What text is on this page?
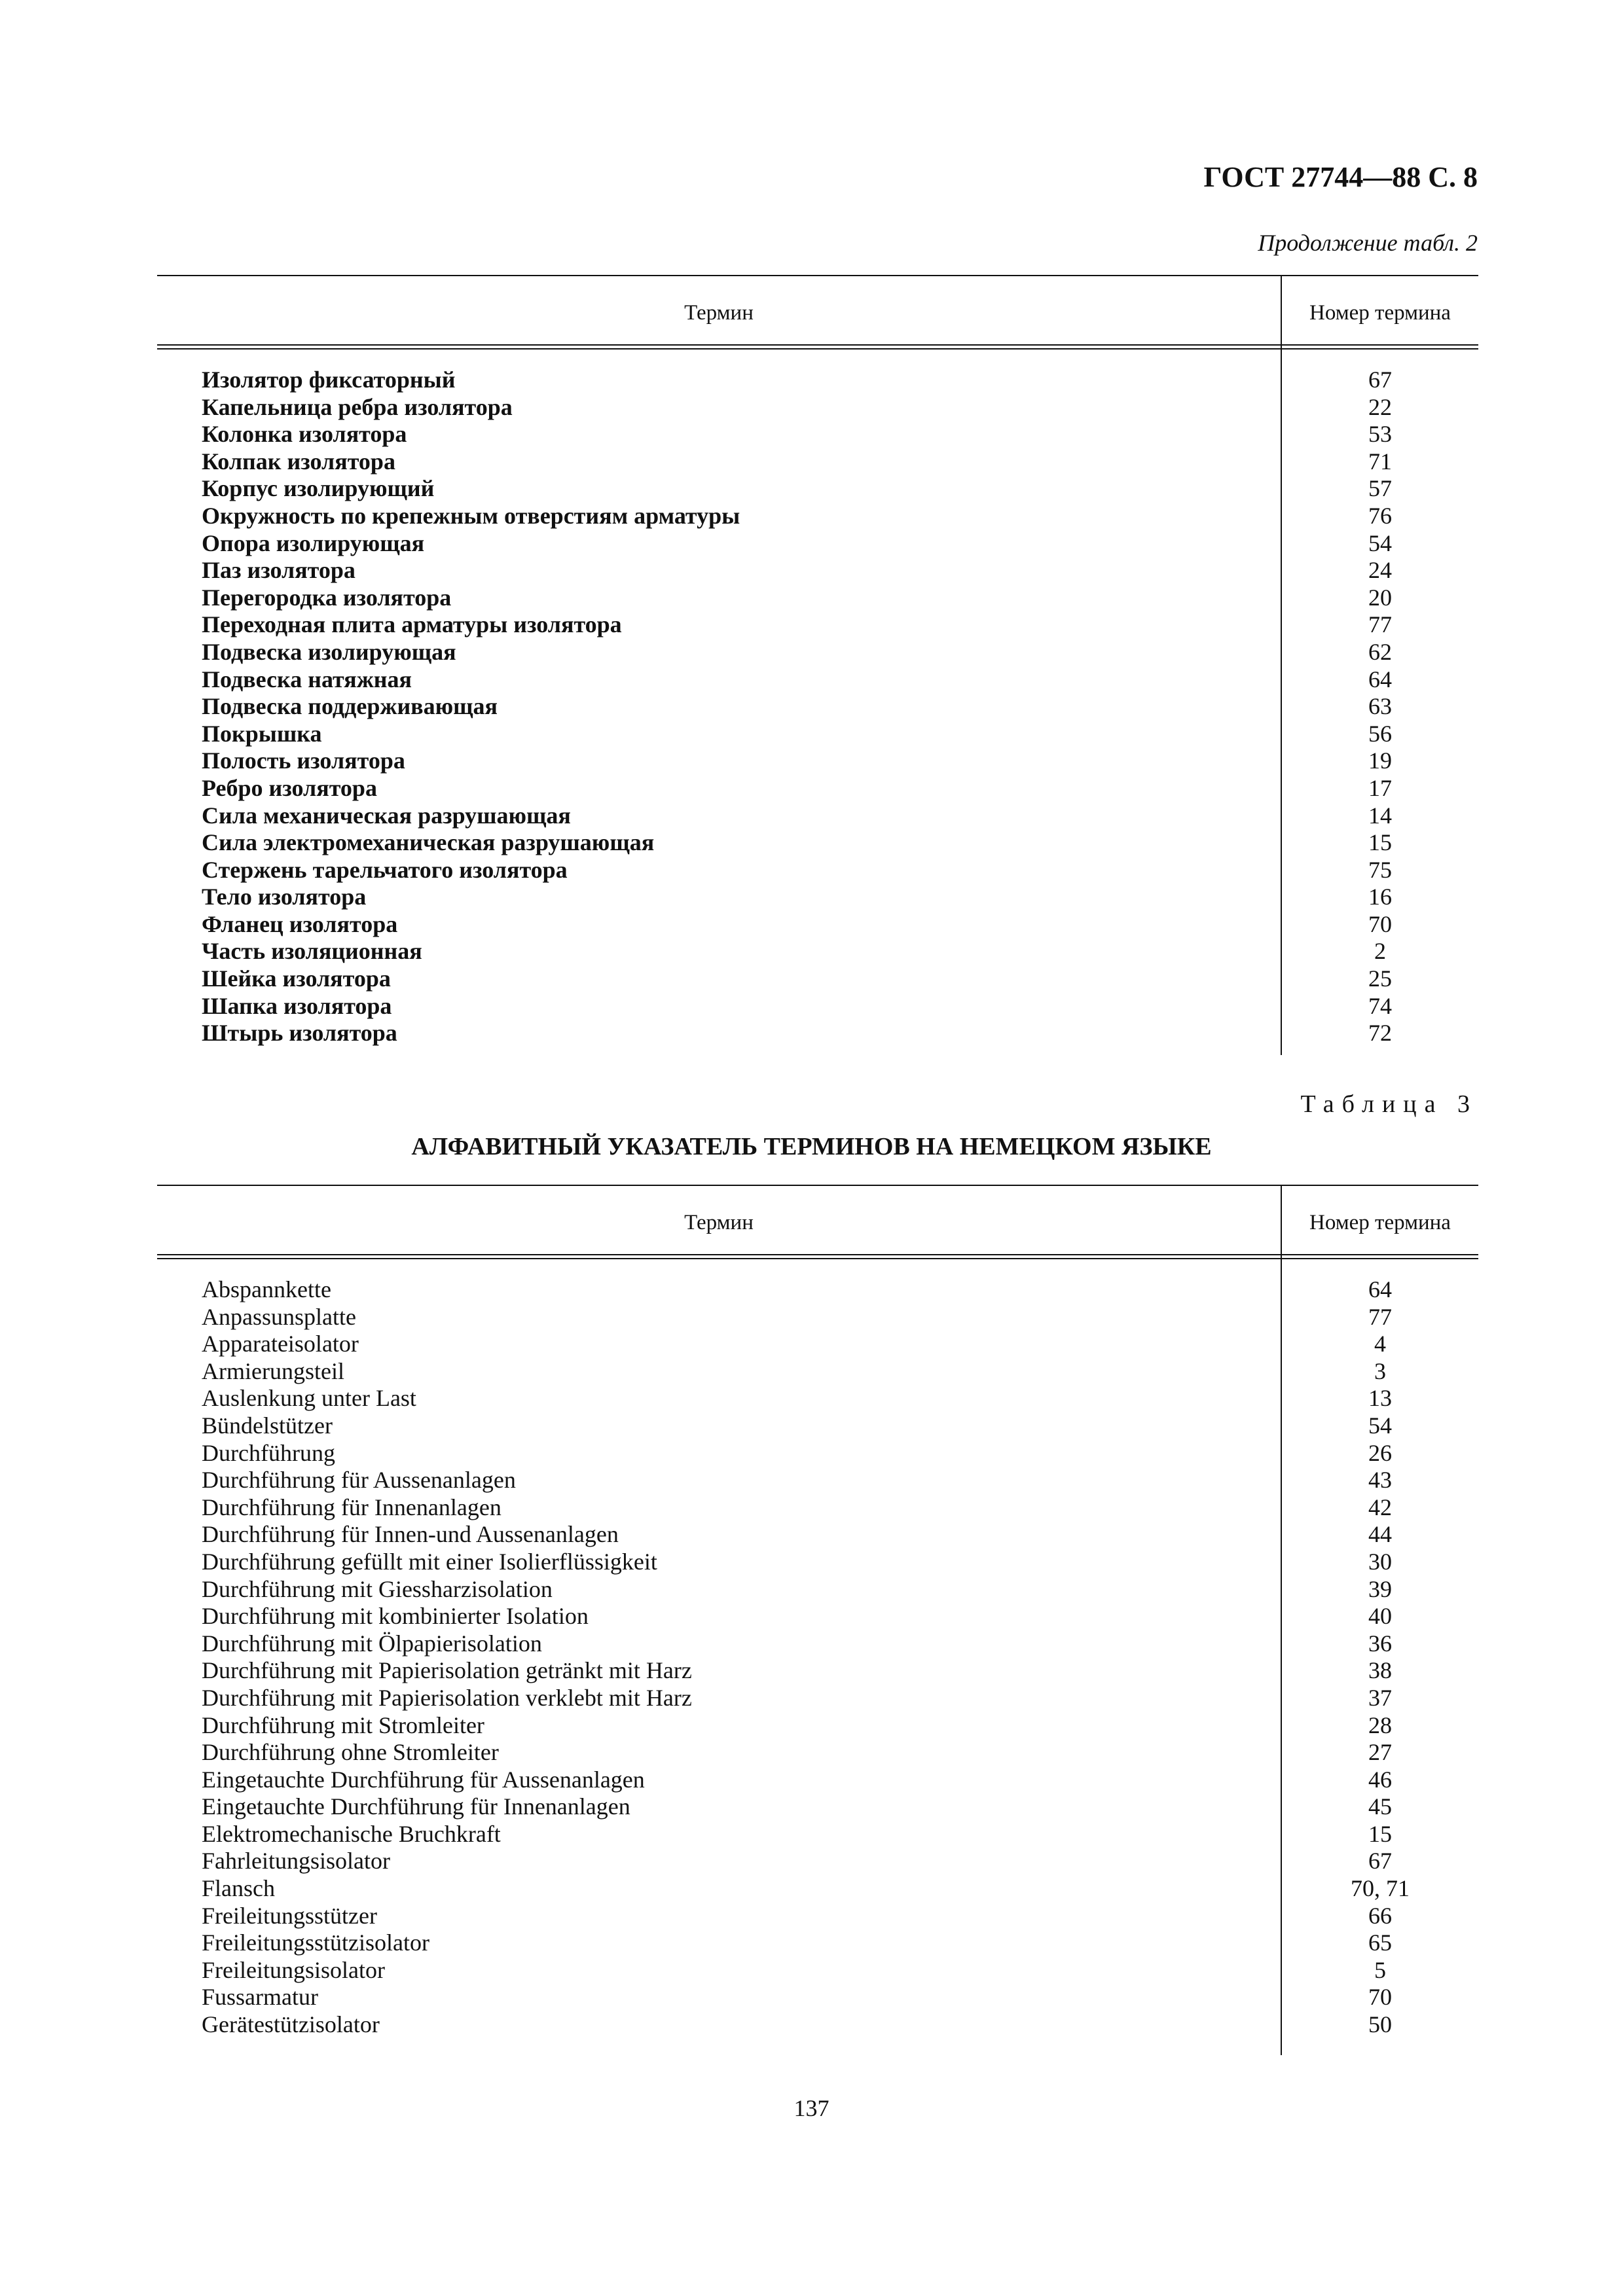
ГОСТ 27744—88 С. 8
Продолжение табл. 2
Термин	Номер термина
Изолятор фиксаторный	67
Капельница ребра изолятора	22
Колонка изолятора	53
Колпак изолятора	71
Корпус изолирующий	57
Окружность по крепежным отверстиям арматуры	76
Опора изолирующая	54
Паз изолятора	24
Перегородка изолятора	20
Переходная плита арматуры изолятора	77
Подвеска изолирующая	62
Подвеска натяжная	64
Подвеска поддерживающая	63
Покрышка	56
Полость изолятора	19
Ребро изолятора	17
Сила механическая разрушающая	14
Сила электромеханическая разрушающая	15
Стержень тарельчатого изолятора	75
Тело изолятора	16
Фланец изолятора	70
Часть изоляционная	2
Шейка изолятора	25
Шапка изолятора	74
Штырь изолятора	72
Таблица 3
АЛФАВИТНЫЙ УКАЗАТЕЛЬ ТЕРМИНОВ НА НЕМЕЦКОМ ЯЗЫКЕ
Термин	Номер термина
Abspannkette	64
Anpassunsplatte	77
Apparateisolator	4
Armierungsteil	3
Auslenkung unter Last	13
Bündelstützer	54
Durchführung	26
Durchführung für Aussenanlagen	43
Durchführung für Innenanlagen	42
Durchführung für Innen-und Aussenanlagen	44
Durchführung gefüllt mit einer Isolierflüssigkeit	30
Durchführung mit Giessharzisolation	39
Durchführung mit kombinierter Isolation	40
Durchführung mit Ölpapierisolation	36
Durchführung mit Papierisolation getränkt mit Harz	38
Durchführung mit Papierisolation verklebt mit Harz	37
Durchführung mit Stromleiter	28
Durchführung ohne Stromleiter	27
Eingetauchte Durchführung für Aussenanlagen	46
Eingetauchte Durchführung für Innenanlagen	45
Elektromechanische Bruchkraft	15
Fahrleitungsisolator	67
Flansch	70, 71
Freileitungsstützer	66
Freileitungsstützisolator	65
Freileitungsisolator	5
Fussarmatur	70
Gerätestützisolator	50
137
